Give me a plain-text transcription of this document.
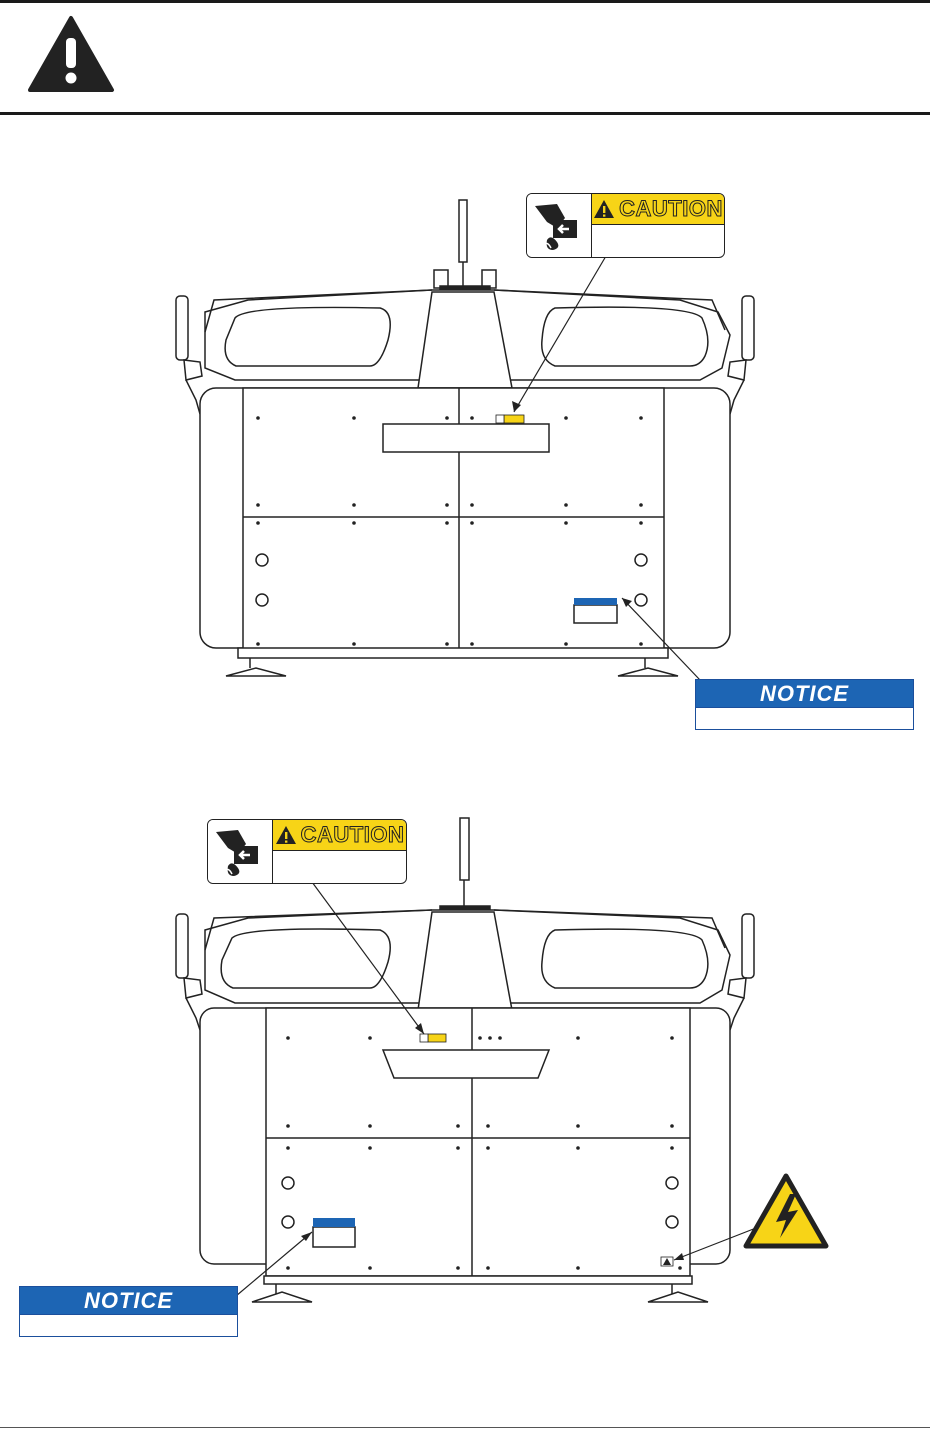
CAUTION
NOTICE
CAUTION
NOTICE
